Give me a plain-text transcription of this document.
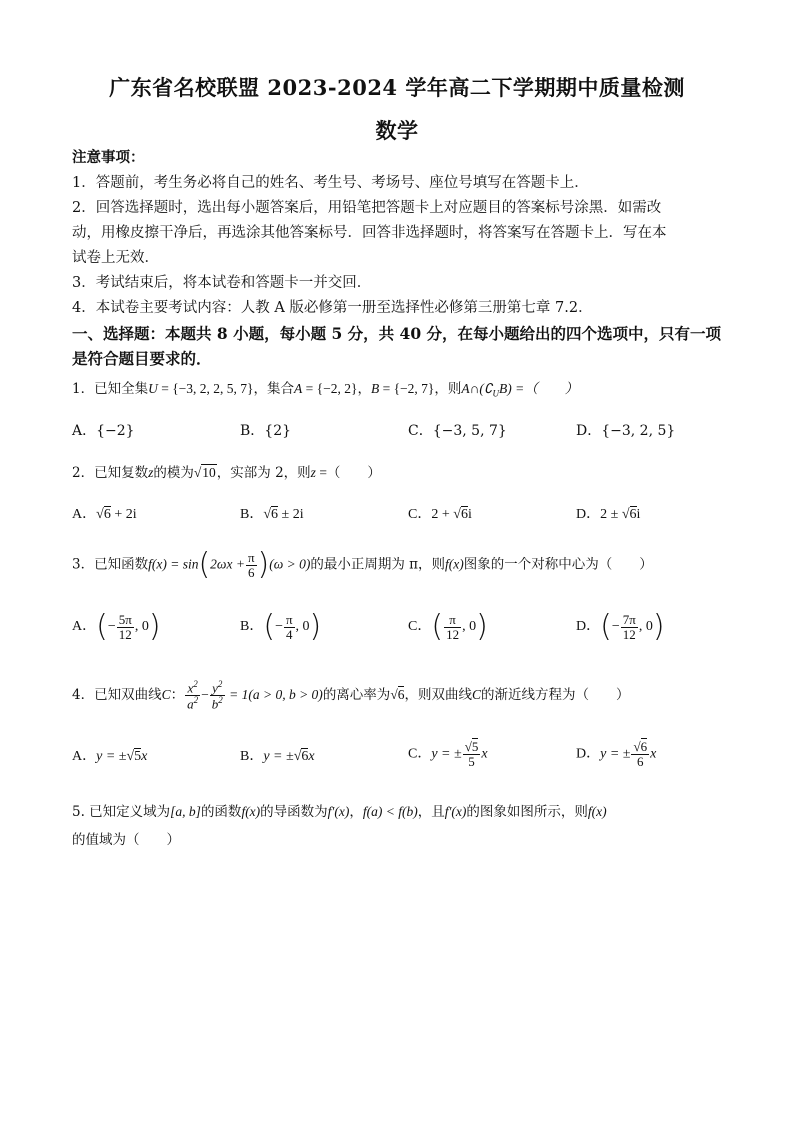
广东省名校联盟 2023-2024 学年高二下学期期中质量检测
数学
注意事项：
1．答题前，考生务必将自己的姓名、考生号、考场号、座位号填写在答题卡上．
2．回答选择题时，选出每小题答案后，用铅笔把答题卡上对应题目的答案标号涂黑．如需改
动，用橡皮擦干净后，再选涂其他答案标号．回答非选择题时，将答案写在答题卡上．写在本
试卷上无效．
3．考试结束后，将本试卷和答题卡一并交回．
4．本试卷主要考试内容：人教 A 版必修第一册至选择性必修第三册第七章 7.2．
一、选择题：本题共 8 小题，每小题 5 分，共 40 分，在每小题给出的四个选项中，只有一项
是符合题目要求的．
1．已知全集U = {−3, 2, 2, 5, 7}，集合A = {−2, 2}，B = {−2, 7}，则$A\cap(∁_UB)$ =（　　）
A．{−2}	B．{2}	C．{−3, 5, 7}	D．{−3, 2, 5}
2．已知复数z的模为√10，实部为 2，则z =（　　）
A．√6 + 2i	B．√6 ± 2i	C．2 + √6i	D．2 ± √6i
3．已知函数$f(x) = \sin(2\omega x + \frac{\pi}{6} )(\omega > 0)$的最小正周期为 π，则f(x)图象的一个对称中心为（　　）
A．(− $\frac{5\pi}{12}$ , 0)	B．(− $\frac{\pi}{4}$ , 0)	C．( $\frac{\pi}{12}$ , 0)	D．(− $\frac{7\pi}{12}$ , 0)
4．已知双曲线C： $\frac{x^2}{a^2} - \frac{y^2}{b^2} = 1(a > 0$, b > 0)的离心率为√6，则双曲线C的渐近线方程为（　　）
A．y = ±√5x	B．y = ±√6x	C．y = ± $\frac{√5}{5}$ x	D．y = ± $\frac{√6}{6}$ x
5. 已知定义域为[a, b]的函数f(x)的导函数为f′(x)，f(a) < f(b)，且f′(x)的图象如图所示，则f(x)
的值域为（　　）
